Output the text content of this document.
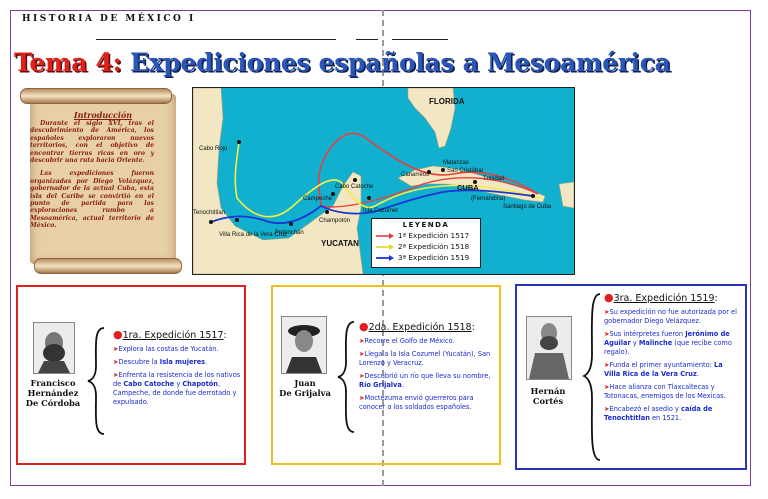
HISTORIA DE MÉXICO I
Tema 4: Expediciones españolas a Mesoamérica
Introducción

Durante el siglo XVI, tras el descubrimiento de América, los españoles exploraron nuevos territorios, con el objetivo de encontrar tierras ricas en oro y descubrir una ruta hacia Oriente.

Las expediciones fueron organizadas por Diego Velázquez, gobernador de la actual Cuba, esta isla del Caribe se convirtió en el punto de partida para las exploraciones rumbo a Mesoamérica, actual territorio de México.

FLORIDA
Cabo Rojo
Tenochtitlan
Villa Rica de la Vera Cruz
Potonchán
Champotón
Campeche
Cabo Catoche
Isla Cozumel
YUCATAN
Matanzas
San Cristóbal
Canarreos
Trinidad
CUBA
(Fernandina)
Santiago de Cuba
LEYENDA
1ª Expedición 1517
2ª Expedición 1518
3ª Expedición 1519
Francisco
Hernández
De Córdoba
●1ra. Expedición 1517:
➤Explora las costas de Yucatán.
➤Descubre la Isla mujeres.
➤Enfrenta la resistencia de los nativos de Cabo Catoche y Chapotón, Campeche, de donde fue derrotado y expulsado.
Juan
De Grijalva
●2da. Expedición 1518:
➤Recorre el Golfo de México.
➤Llega a la Isla Cozumel (Yucatán), San Lorenzo y Veracruz.
➤Descubrió un río que lleva su nombre, Río Grijalva.
➤Moctezuma envió guerreros para conocer a los soldados españoles.
Hernán
Cortés
●3ra. Expedición 1519:
➤Su expedición no fue autorizada por el gobernador Diego Velázquez.
➤Sus intérpretes fueron Jerónimo de Aguilar y Malinche (que recibe como regalo).
➤Funda el primer ayuntamiento: La Villa Rica de la Vera Cruz.
➤Hace alianza con Tlaxcaltecas y Totonacas, enemigos de los Mexicas.
➤Encabezó el asedio y caída de Tenochtitlan en 1521.
